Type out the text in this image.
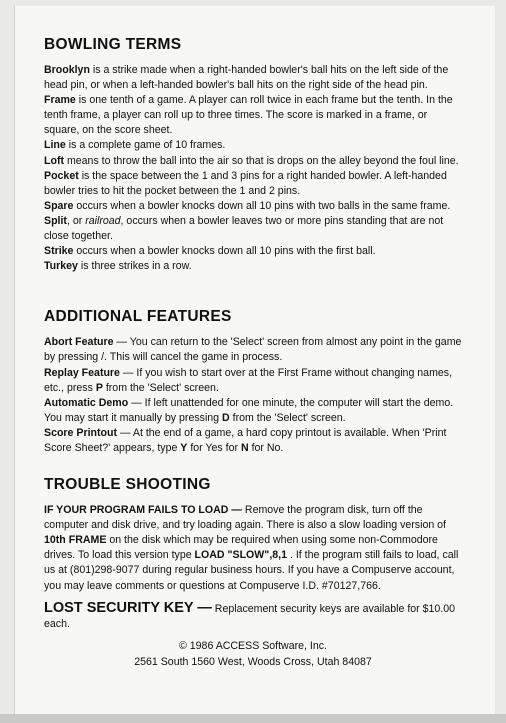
BOWLING TERMS

Brooklyn is a strike made when a right-handed bowler's ball hits on the left side of the head pin, or when a left-handed bowler's ball hits on the right side of the head pin.

Frame is one tenth of a game. A player can roll twice in each frame but the tenth. In the tenth frame, a player can roll up to three times. The score is marked in a frame, or square, on the score sheet.

Line is a complete game of 10 frames.

Loft means to throw the ball into the air so that is drops on the alley beyond the foul line.

Pocket is the space between the 1 and 3 pins for a right handed bowler. A left-handed bowler tries to hit the pocket between the 1 and 2 pins.

Spare occurs when a bowler knocks down all 10 pins with two balls in the same frame.

Split, or railroad, occurs when a bowler leaves two or more pins standing that are not close together.

Strike occurs when a bowler knocks down all 10 pins with the first ball.

Turkey is three strikes in a row.

ADDITIONAL FEATURES

Abort Feature — You can return to the 'Select' screen from almost any point in the game by pressing /. This will cancel the game in process.

Replay Feature — If you wish to start over at the First Frame without changing names, etc., press P from the 'Select' screen.

Automatic Demo — If left unattended for one minute, the computer will start the demo. You may start it manually by pressing D from the 'Select' screen.

Score Printout — At the end of a game, a hard copy printout is available. When 'Print Score Sheet?' appears, type Y for Yes for N for No.

TROUBLE SHOOTING

IF YOUR PROGRAM FAILS TO LOAD — Remove the program disk, turn off the computer and disk drive, and try loading again. There is also a slow loading version of 10th FRAME on the disk which may be required when using some non-Commodore drives. To load this version type LOAD "SLOW",8,1 . If the program still fails to load, call us at (801)298-9077 during regular business hours. If you have a Compuserve account, you may leave comments or questions at Compuserve I.D. #70127,766.

LOST SECURITY KEY — Replacement security keys are available for $10.00 each.

© 1986 ACCESS Software, Inc.
2561 South 1560 West, Woods Cross, Utah 84087
